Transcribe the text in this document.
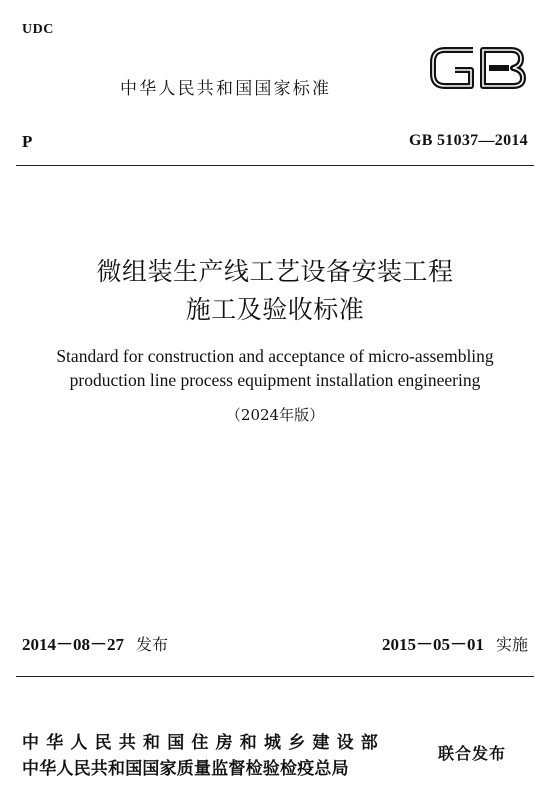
UDC
中华人民共和国国家标准
P	GB 51037—2014
微组装生产线工艺设备安装工程
施工及验收标准
Standard for construction and acceptance of micro-assembling
production line process equipment installation engineering
（2024年版）
2014－08－27 发布	2015－05－01 实施
中华人民共和国住房和城乡建设部
中华人民共和国国家质量监督检验检疫总局
联合发布
